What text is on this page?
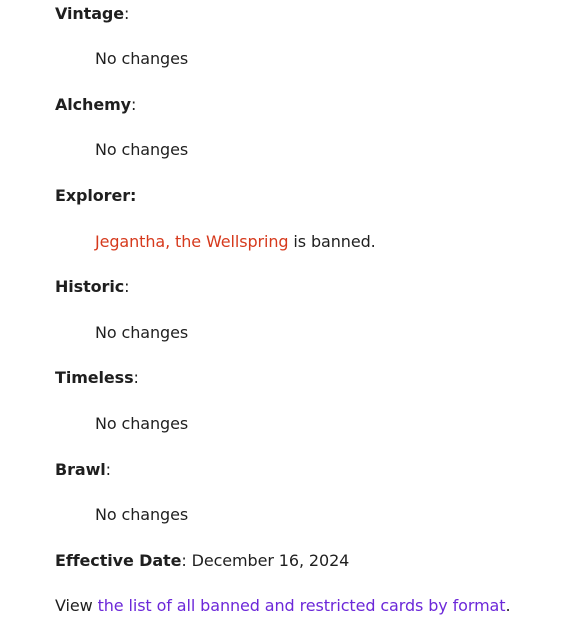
Vintage:
No changes
Alchemy:
No changes
Explorer:
Jegantha, the Wellspring is banned.
Historic:
No changes
Timeless:
No changes
Brawl:
No changes
Effective Date: December 16, 2024
View the list of all banned and restricted cards by format.
